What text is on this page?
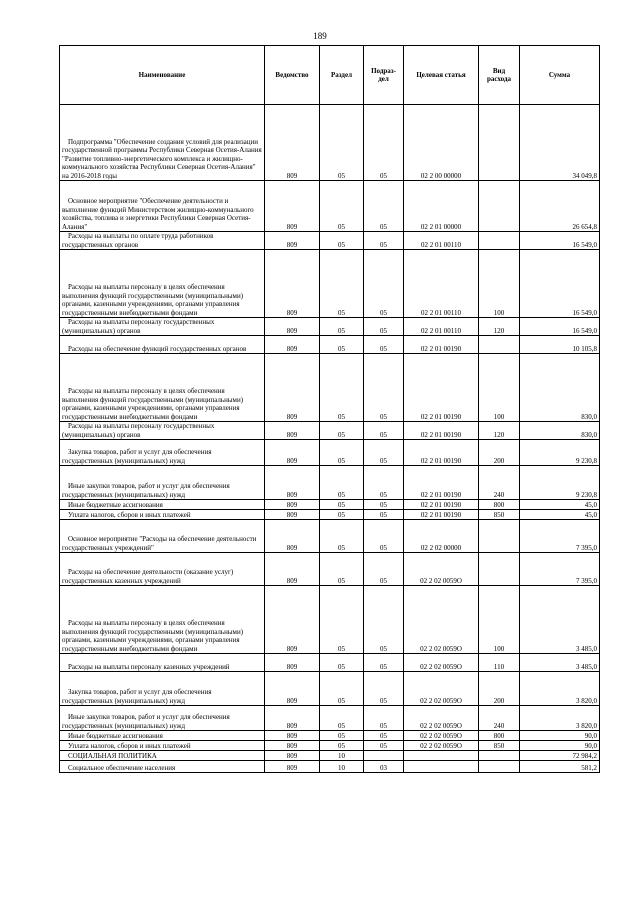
189
Наименование	Ведомство	Раздел	Подраз-дел	Целевая статья	Вид расхода	Сумма
Подпрограмма "Обеспечение создания условий для реализации государственной программы Республики Северная Осетия-Алания "Развитие топливно-энергетического комплекса и жилищно-коммунального хозяйства Республики Северная Осетия-Алания" на 2016-2018 годы	809	05	05	02 2 00 00000		34 049,8
Основное мероприятие "Обеспечение деятельности и выполнение функций Министерством жилищно-коммунального хозяйства, топлива и энергетики Республики Северная Осетия-Алания"	809	05	05	02 2 01 00000		26 654,8
Расходы на выплаты по оплате труда работников государственных органов	809	05	05	02 2 01 00110		16 549,0
Расходы на выплаты персоналу в целях обеспечения выполнения функций государственными (муниципальными) органами, казенными учреждениями, органами управления государственными внебюджетными фондами	809	05	05	02 2 01 00110	100	16 549,0
Расходы на выплаты персоналу государственных (муниципальных) органов	809	05	05	02 2 01 00110	120	16 549,0
Расходы на обеспечение функций государственных органов	809	05	05	02 2 01 00190		10 105,8
Расходы на выплаты персоналу в целях обеспечения выполнения функций государственными (муниципальными) органами, казенными учреждениями, органами управления государственными внебюджетными фондами	809	05	05	02 2 01 00190	100	830,0
Расходы на выплаты персоналу государственных (муниципальных) органов	809	05	05	02 2 01 00190	120	830,0
Закупка товаров, работ и услуг для обеспечения государственных (муниципальных) нужд	809	05	05	02 2 01 00190	200	9 230,8
Иные закупки товаров, работ и услуг для обеспечения государственных (муниципальных) нужд	809	05	05	02 2 01 00190	240	9 230,8
Иные бюджетные ассигнования	809	05	05	02 2 01 00190	800	45,0
Уплата налогов, сборов и иных платежей	809	05	05	02 2 01 00190	850	45,0
Основное мероприятие "Расходы на обеспечение деятельности государственных учреждений"	809	05	05	02 2 02 00000		7 395,0
Расходы на обеспечение деятельности (оказание услуг) государственных казенных учреждений	809	05	05	02 2 02 0059О		7 395,0
Расходы на выплаты персоналу в целях обеспечения выполнения функций государственными (муниципальными) органами, казенными учреждениями, органами управления государственными внебюджетными фондами	809	05	05	02 2 02 0059О	100	3 485,0
Расходы на выплаты персоналу казенных учреждений	809	05	05	02 2 02 0059О	110	3 485,0
Закупка товаров, работ и услуг для обеспечения государственных (муниципальных) нужд	809	05	05	02 2 02 0059О	200	3 820,0
Иные закупки товаров, работ и услуг для обеспечения государственных (муниципальных) нужд	809	05	05	02 2 02 0059О	240	3 820,0
Иные бюджетные ассигнования	809	05	05	02 2 02 0059О	800	90,0
Уплата налогов, сборов и иных платежей	809	05	05	02 2 02 0059О	850	90,0
СОЦИАЛЬНАЯ ПОЛИТИКА	809	10				72 984,2
Социальное обеспечение населения	809	10	03			581,2
